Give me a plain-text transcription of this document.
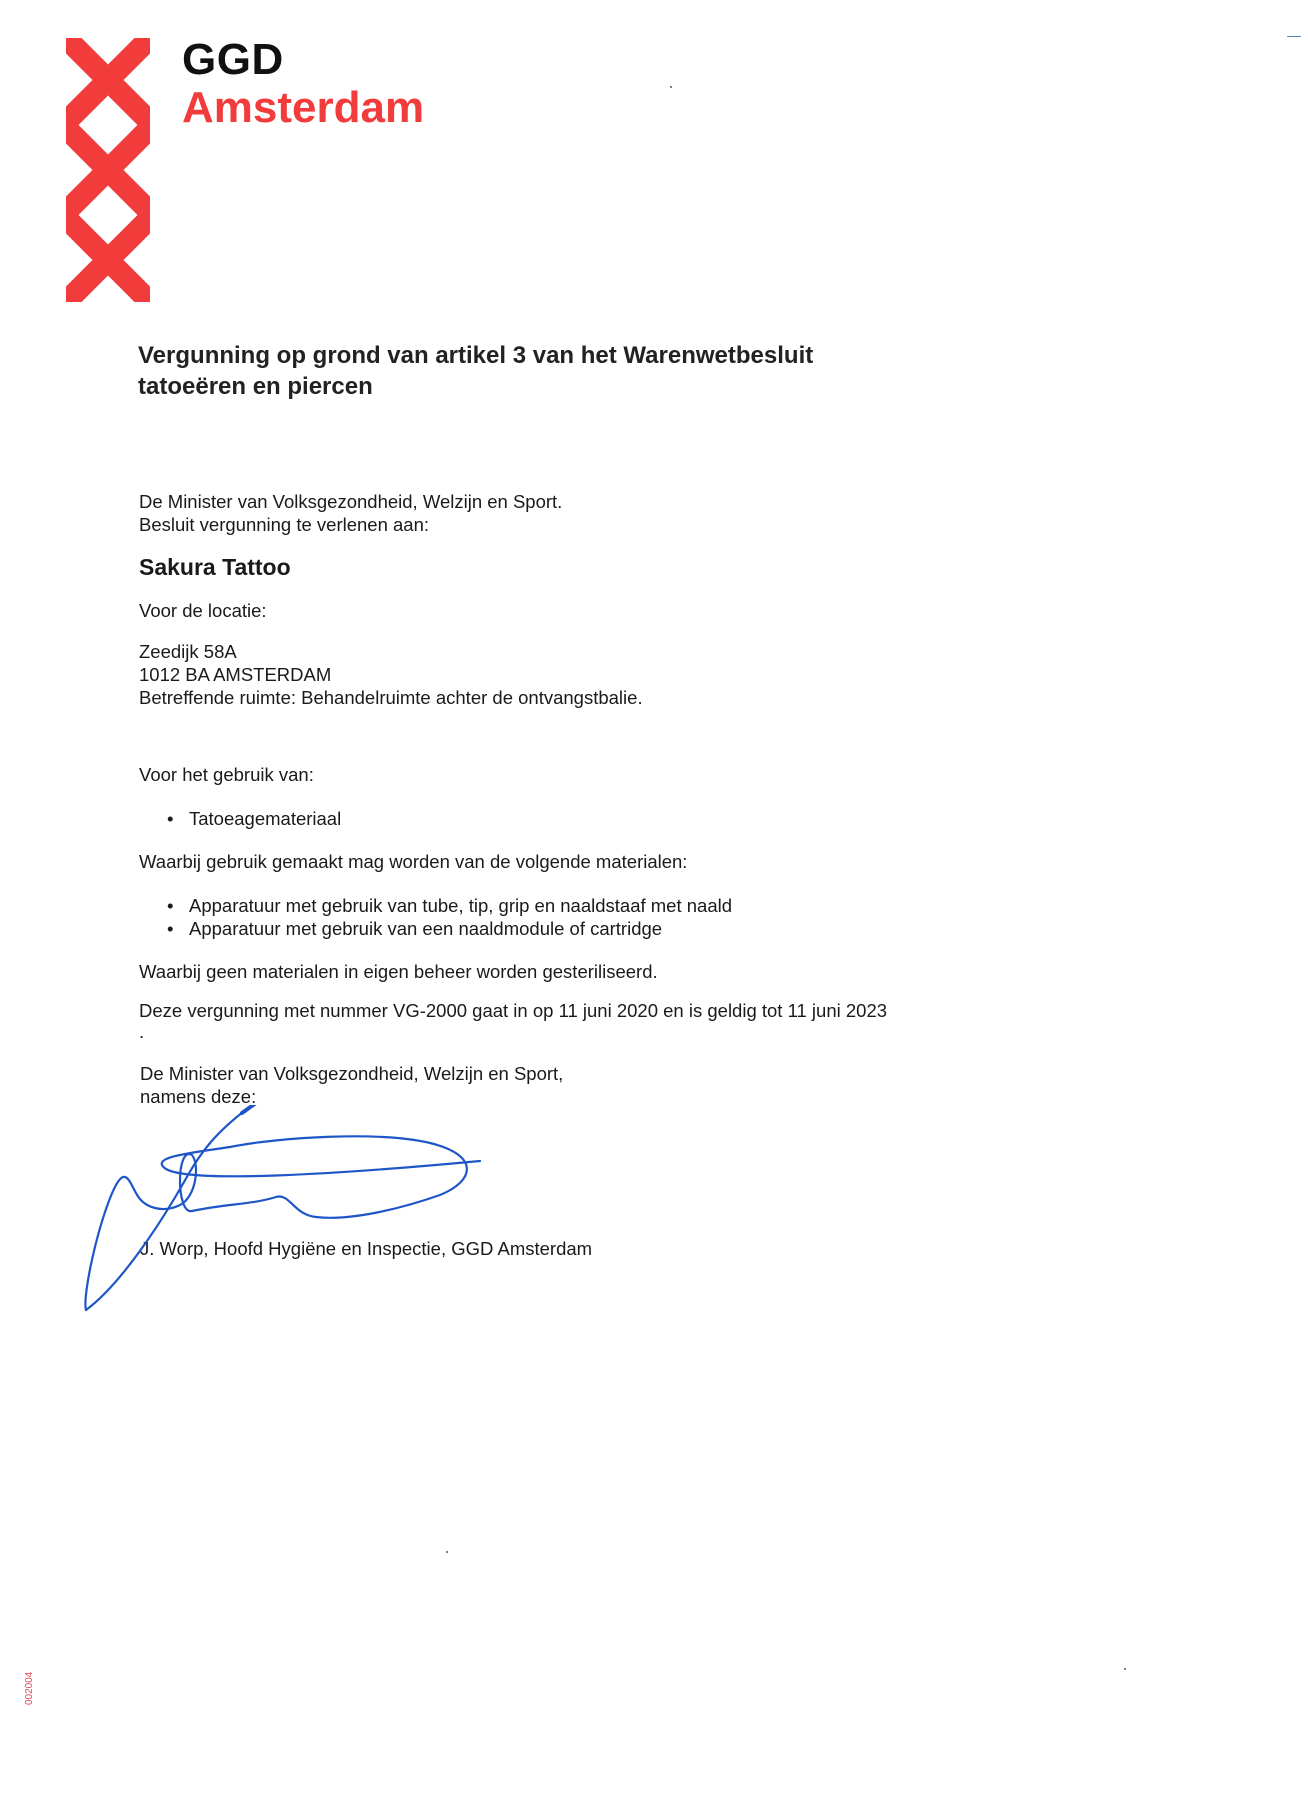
GGD
Amsterdam
Vergunning op grond van artikel 3 van het Warenwetbesluit
tatoeëren en piercen
De Minister van Volksgezondheid, Welzijn en Sport.
Besluit vergunning te verlenen aan:
Sakura Tattoo
Voor de locatie:
Zeedijk 58A
1012 BA AMSTERDAM
Betreffende ruimte: Behandelruimte achter de ontvangstbalie.
Voor het gebruik van:
• Tatoeagemateriaal
Waarbij gebruik gemaakt mag worden van de volgende materialen:
• Apparatuur met gebruik van tube, tip, grip en naaldstaaf met naald
• Apparatuur met gebruik van een naaldmodule of cartridge
Waarbij geen materialen in eigen beheer worden gesteriliseerd.
Deze vergunning met nummer VG-2000 gaat in op 11 juni 2020 en is geldig tot 11 juni 2023
.
De Minister van Volksgezondheid, Welzijn en Sport,
namens deze:
J. Worp, Hoofd Hygiëne en Inspectie, GGD Amsterdam
002004
